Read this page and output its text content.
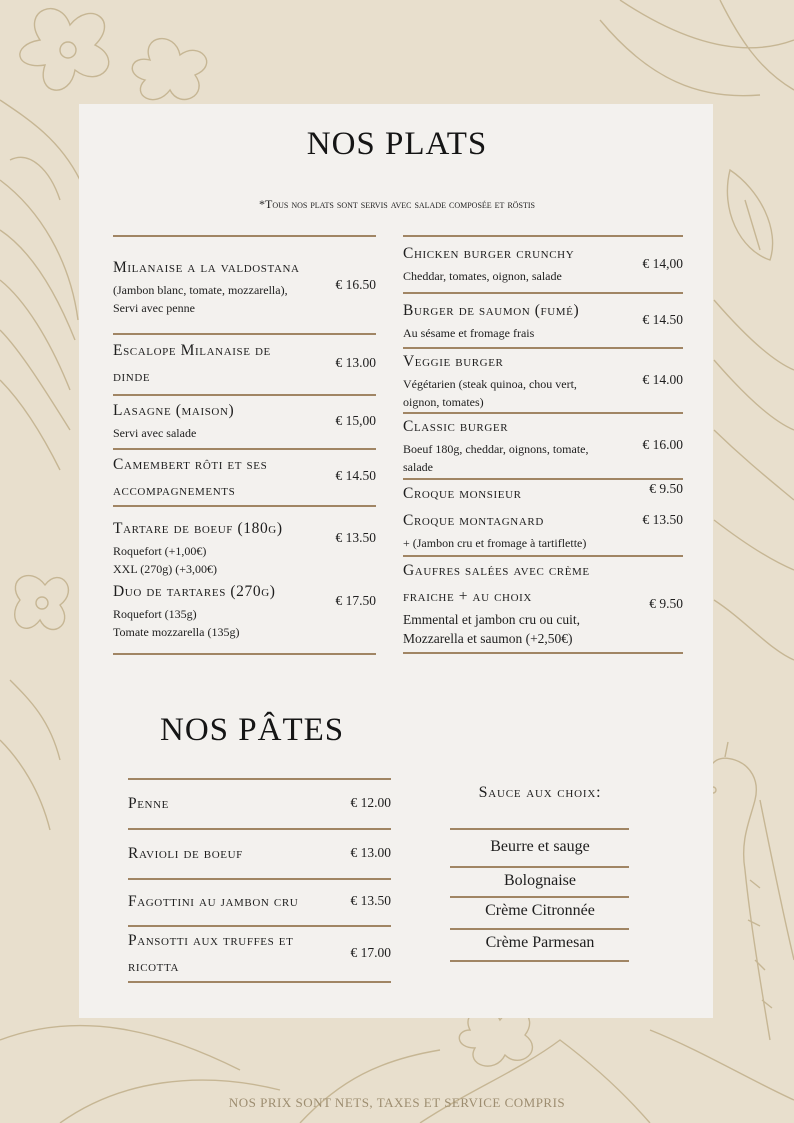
NOS PLATS
*Tous nos plats sont servis avec salade composée et röstis
Milanaise a la valdostana
(Jambon blanc, tomate, mozzarella),
Servi avec penne
€ 16.50
Escalope Milanaise de
dinde
€ 13.00
Lasagne (maison)
Servi avec salade
€ 15,00
Camembert rôti et ses
accompagnements
€ 14.50
Tartare de boeuf (180g)
Roquefort (+1,00€)
XXL (270g) (+3,00€)
€ 13.50
Duo de tartares (270g)
Roquefort (135g)
Tomate mozzarella (135g)
€ 17.50
Chicken burger crunchy
Cheddar, tomates, oignon, salade
€ 14,00
Burger de saumon (fumé)
Au sésame et fromage frais
€ 14.50
Veggie burger
Végétarien (steak quinoa, chou vert,
oignon, tomates)
€ 14.00
Classic burger
Boeuf 180g, cheddar, oignons, tomate,
salade
€ 16.00
Croque monsieur	€ 9.50
Croque montagnard
+ (Jambon cru et fromage à tartiflette)
€ 13.50
Gaufres salées avec crème
fraiche + au choix
Emmental et jambon cru ou cuit,
Mozzarella et saumon (+2,50€)
€ 9.50
NOS PÂTES
Penne	€ 12.00
Ravioli de boeuf	€ 13.00
Fagottini au jambon cru	€ 13.50
Pansotti aux truffes et
ricotta
€ 17.00
Sauce aux choix:
Beurre et sauge
Bolognaise
Crème Citronnée
Crème Parmesan
NOS PRIX SONT NETS, TAXES ET SERVICE COMPRIS
